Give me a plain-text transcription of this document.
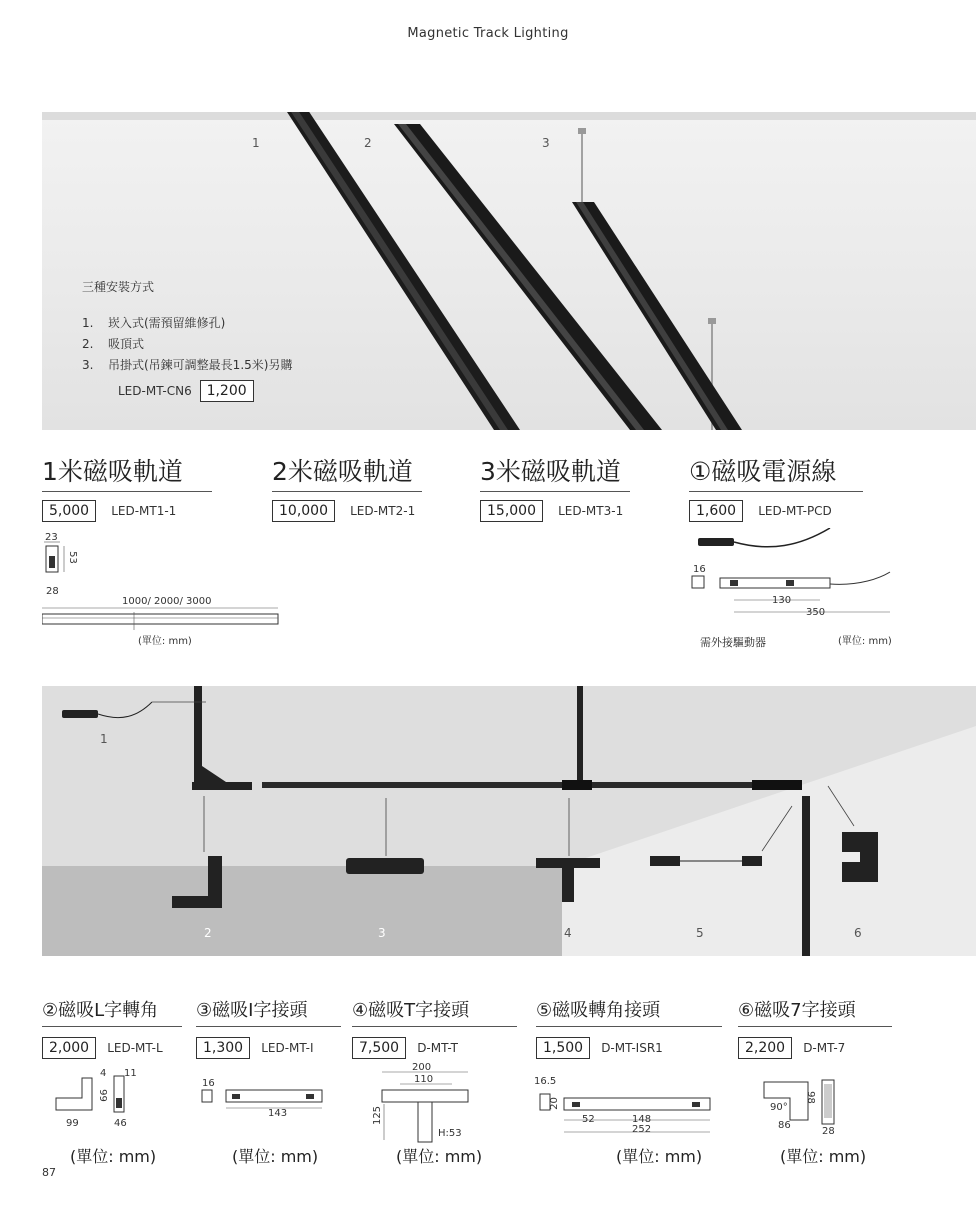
Magnetic Track Lighting
1	2	3
三種安裝方式
1. 崁入式(需預留維修孔)
2. 吸頂式
3. 吊掛式(吊鍊可調整最長1.5米)另購
LED-MT-CN6 1,200
1米磁吸軌道
5,000 LED-MT1-1
2米磁吸軌道
10,000 LED-MT2-1
3米磁吸軌道
15,000 LED-MT3-1
①磁吸電源線
1,600 LED-MT-PCD
23
53
28
1000/ 2000/ 3000
(單位: mm)
16
130
350
需外接驅動器	(單位: mm)
1
2	3	4	5	6
②磁吸L字轉角
2,000 LED-MT-L
③磁吸I字接頭
1,300 LED-MT-I
④磁吸T字接頭
7,500 D-MT-T
⑤磁吸轉角接頭
1,500 D-MT-ISR1
⑥磁吸7字接頭
2,200 D-MT-7
4 11
99
99	46
(單位: mm)
16
143
(單位: mm)
200
110
125
H:53
(單位: mm)
16.5
20
52	148
252
(單位: mm)
90°
98
86
28
(單位: mm)
87
